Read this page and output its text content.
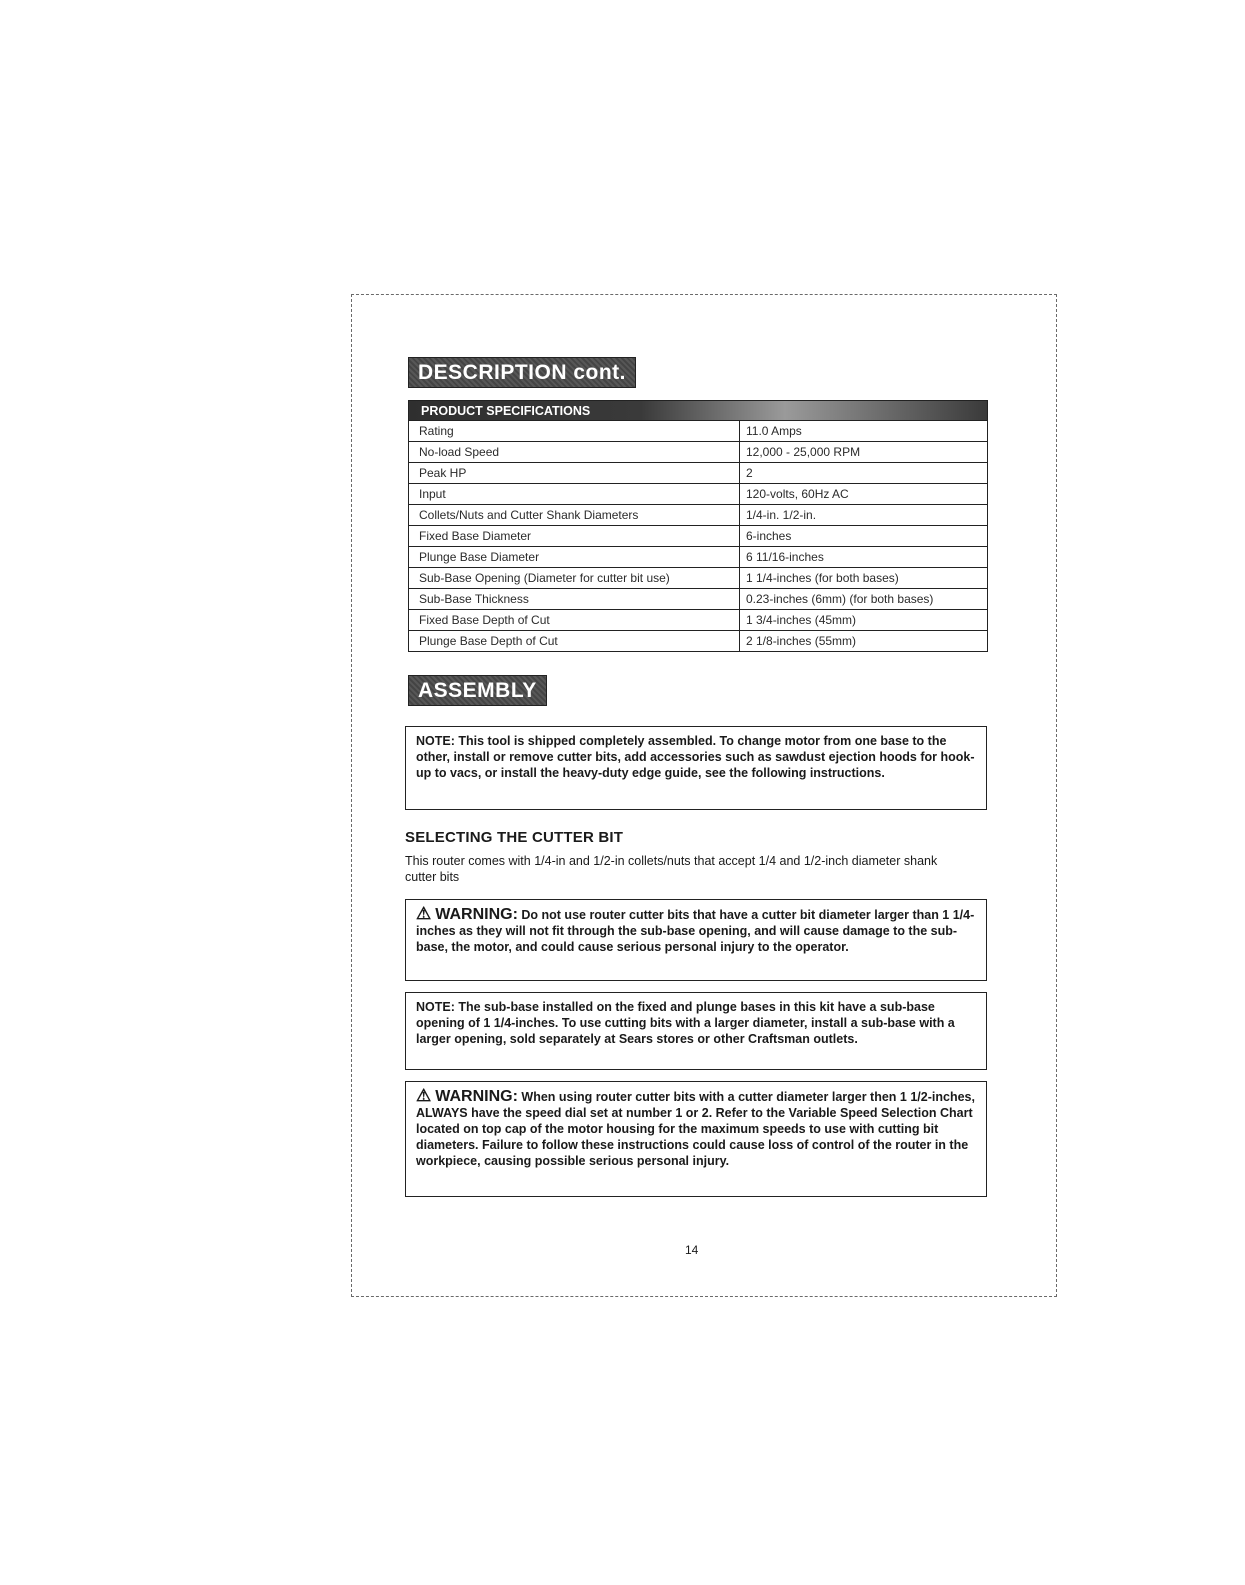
DESCRIPTION cont.
PRODUCT SPECIFICATIONS	
Rating	11.0 Amps
No-load Speed	12,000 - 25,000 RPM
Peak HP	2
Input	120-volts, 60Hz AC
Collets/Nuts and Cutter Shank Diameters	1/4-in. 1/2-in.
Fixed Base Diameter	6-inches
Plunge Base Diameter	6 11/16-inches
Sub-Base Opening (Diameter for cutter bit use)	1 1/4-inches (for both bases)
Sub-Base Thickness	0.23-inches (6mm) (for both bases)
Fixed Base Depth of Cut	1 3/4-inches (45mm)
Plunge Base Depth of Cut	2 1/8-inches (55mm)
ASSEMBLY
NOTE: This tool is shipped completely assembled. To change motor from one base to the other, install or remove cutter bits, add accessories such as sawdust ejection hoods for hook-up to vacs, or install the heavy-duty edge guide, see the following instructions.
SELECTING THE CUTTER BIT
This router comes with 1/4-in and 1/2-in collets/nuts that accept 1/4 and 1/2-inch diameter shank cutter bits
⚠ WARNING: Do not use router cutter bits that have a cutter bit diameter larger than 1 1/4-inches as they will not fit through the sub-base opening, and will cause damage to the sub-base, the motor, and could cause serious personal injury to the operator.
NOTE: The sub-base installed on the fixed and plunge bases in this kit have a sub-base opening of 1 1/4-inches. To use cutting bits with a larger diameter, install a sub-base with a larger opening, sold separately at Sears stores or other Craftsman outlets.
⚠ WARNING: When using router cutter bits with a cutter diameter larger then 1 1/2-inches, ALWAYS have the speed dial set at number 1 or 2. Refer to the Variable Speed Selection Chart located on top cap of the motor housing for the maximum speeds to use with cutting bit diameters. Failure to follow these instructions could cause loss of control of the router in the workpiece, causing possible serious personal injury.
14
